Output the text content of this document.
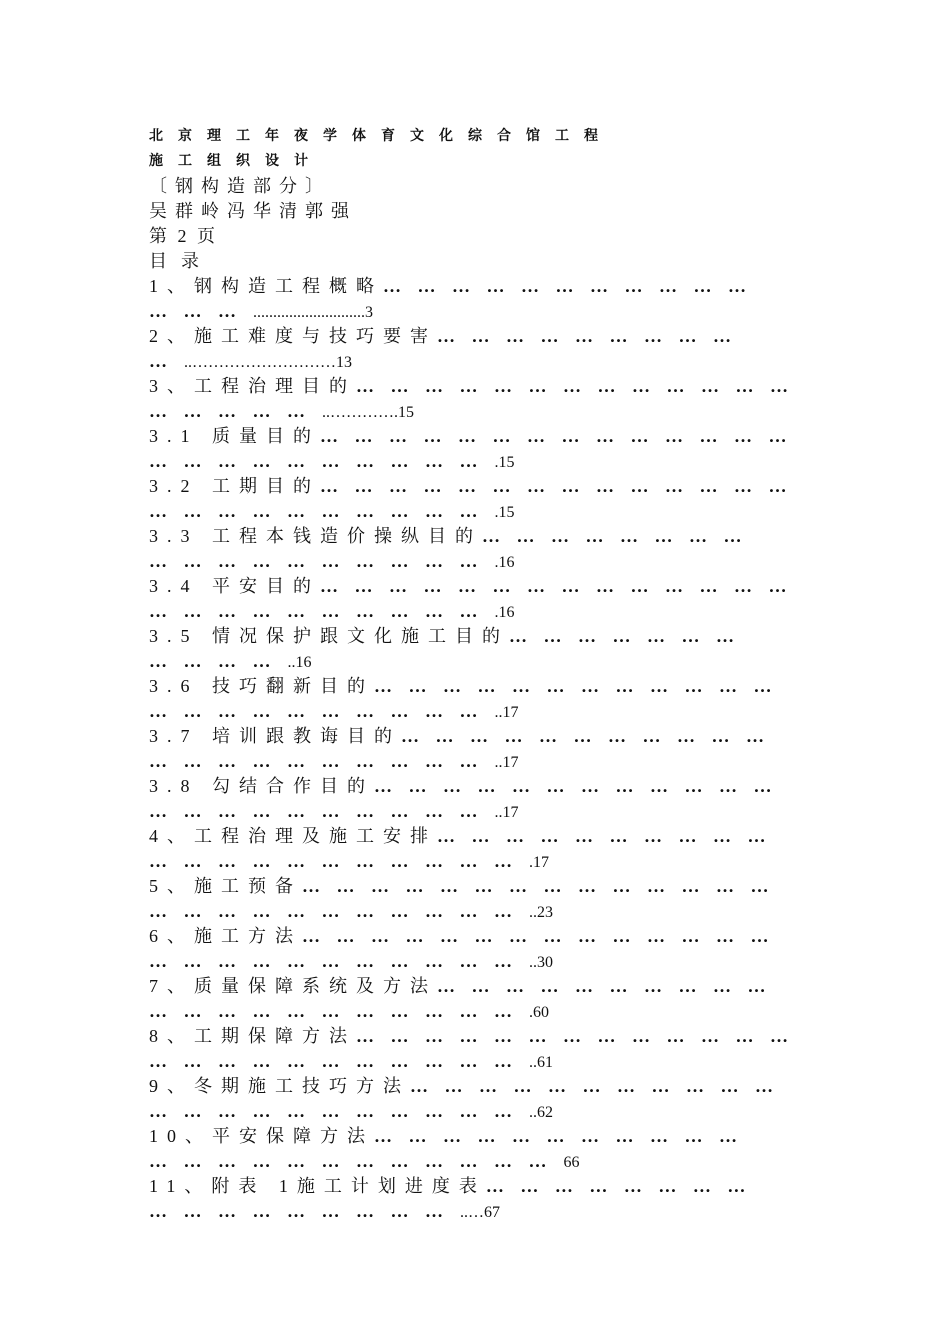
北京理工年夜学体育文化综合馆工程
施工组织设计
〔钢构造部分〕
吴群岭冯华清郭强
第 2 页
目录
1、钢构造工程概略 … … … … … … … … … … …
… … … ............................3
2、施工难度与技巧要害 … … … … … … … … …
… ..………………………13
3、工程治理目的 … … … … … … … … … … … … …
… … … … … ..………….15
3.1 质量目的 … … … … … … … … … … … … … …
… … … … … … … … … … .15
3.2 工期目的 … … … … … … … … … … … … … …
… … … … … … … … … … .15
3.3 工程本钱造价操纵目的 … … … … … … … …
… … … … … … … … … … .16
3.4 平安目的 … … … … … … … … … … … … … …
… … … … … … … … … … .16
3.5 情况保护跟文化施工目的 … … … … … … …
… … … … ..16
3.6 技巧翻新目的 … … … … … … … … … … … …
… … … … … … … … … … ..17
3.7 培训跟教诲目的 … … … … … … … … … … …
… … … … … … … … … … ..17
3.8 勾结合作目的 … … … … … … … … … … … …
… … … … … … … … … … ..17
4、工程治理及施工安排 … … … … … … … … … …
… … … … … … … … … … … .17
5、施工预备 … … … … … … … … … … … … … …
… … … … … … … … … … … ..23
6、施工方法 … … … … … … … … … … … … … …
… … … … … … … … … … … ..30
7、质量保障系统及方法 … … … … … … … … … …
… … … … … … … … … … … .60
8、工期保障方法 … … … … … … … … … … … … …
… … … … … … … … … … … ..61
9、冬期施工技巧方法 … … … … … … … … … … …
… … … … … … … … … … … ..62
10、平安保障方法 … … … … … … … … … … …
… … … … … … … … … … … … 66
11、附表 1施工计划进度表 … … … … … … … …
… … … … … … … … … ..…67
